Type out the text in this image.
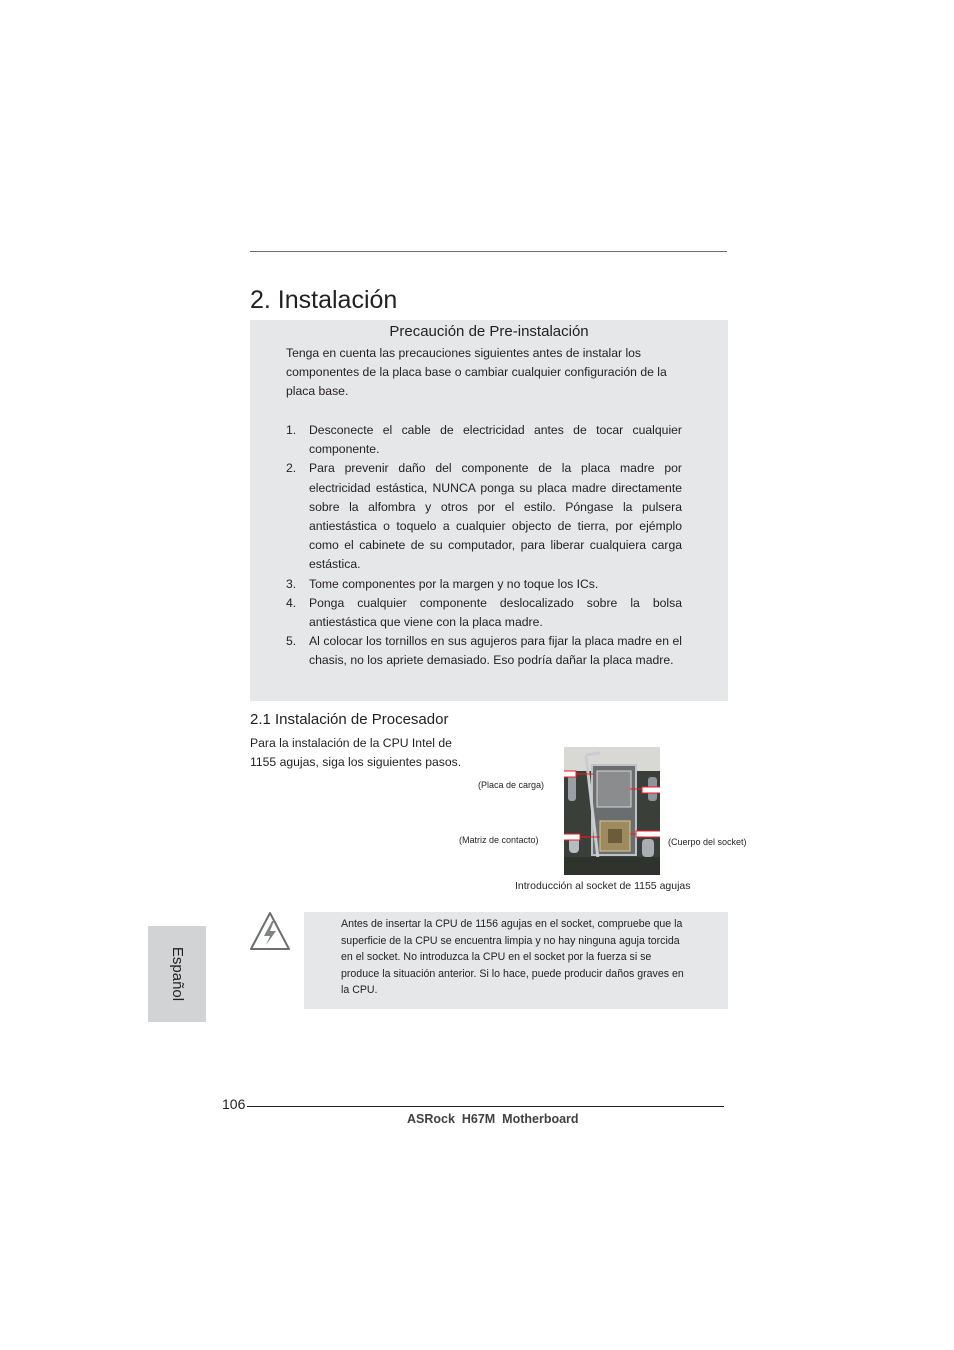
2. Instalación
Precaución de Pre-instalación

Tenga en cuenta las precauciones siguientes antes de instalar los componentes de la placa base o cambiar cualquier configuración de la placa base.

1. Desconecte el cable de electricidad antes de tocar cualquier componente.
2. Para prevenir daño del componente de la placa madre por electricidad estástica, NUNCA ponga su placa madre directamente sobre la alfombra y otros por el estilo. Póngase la pulsera antiestástica o toquelo a cualquier objecto de tierra, por ejémplo como el cabinete de su computador, para liberar cualquiera carga estástica.
3. Tome componentes por la margen y no toque los ICs.
4. Ponga cualquier componente deslocalizado sobre la bolsa antiestástica que viene con la placa madre.
5. Al colocar los tornillos en sus agujeros para fijar la placa madre en el chasis, no los apriete demasiado. Eso podría dañar la placa madre.
2.1 Instalación de Procesador

Para la instalación de la CPU Intel de 1155 agujas, siga los siguientes pasos.

(Placa de carga)
(Matriz de contacto)	(Cuerpo del socket)
Introducción al socket de 1155 agujas

Antes de insertar la CPU de 1156 agujas en el socket, compruebe que la superficie de la CPU se encuentra limpia y no hay ninguna aguja torcida en el socket. No introduzca la CPU en el socket por la fuerza si se produce la situación anterior. Si lo hace, puede producir daños graves en la CPU.

Español
106
ASRock  H67M  Motherboard
